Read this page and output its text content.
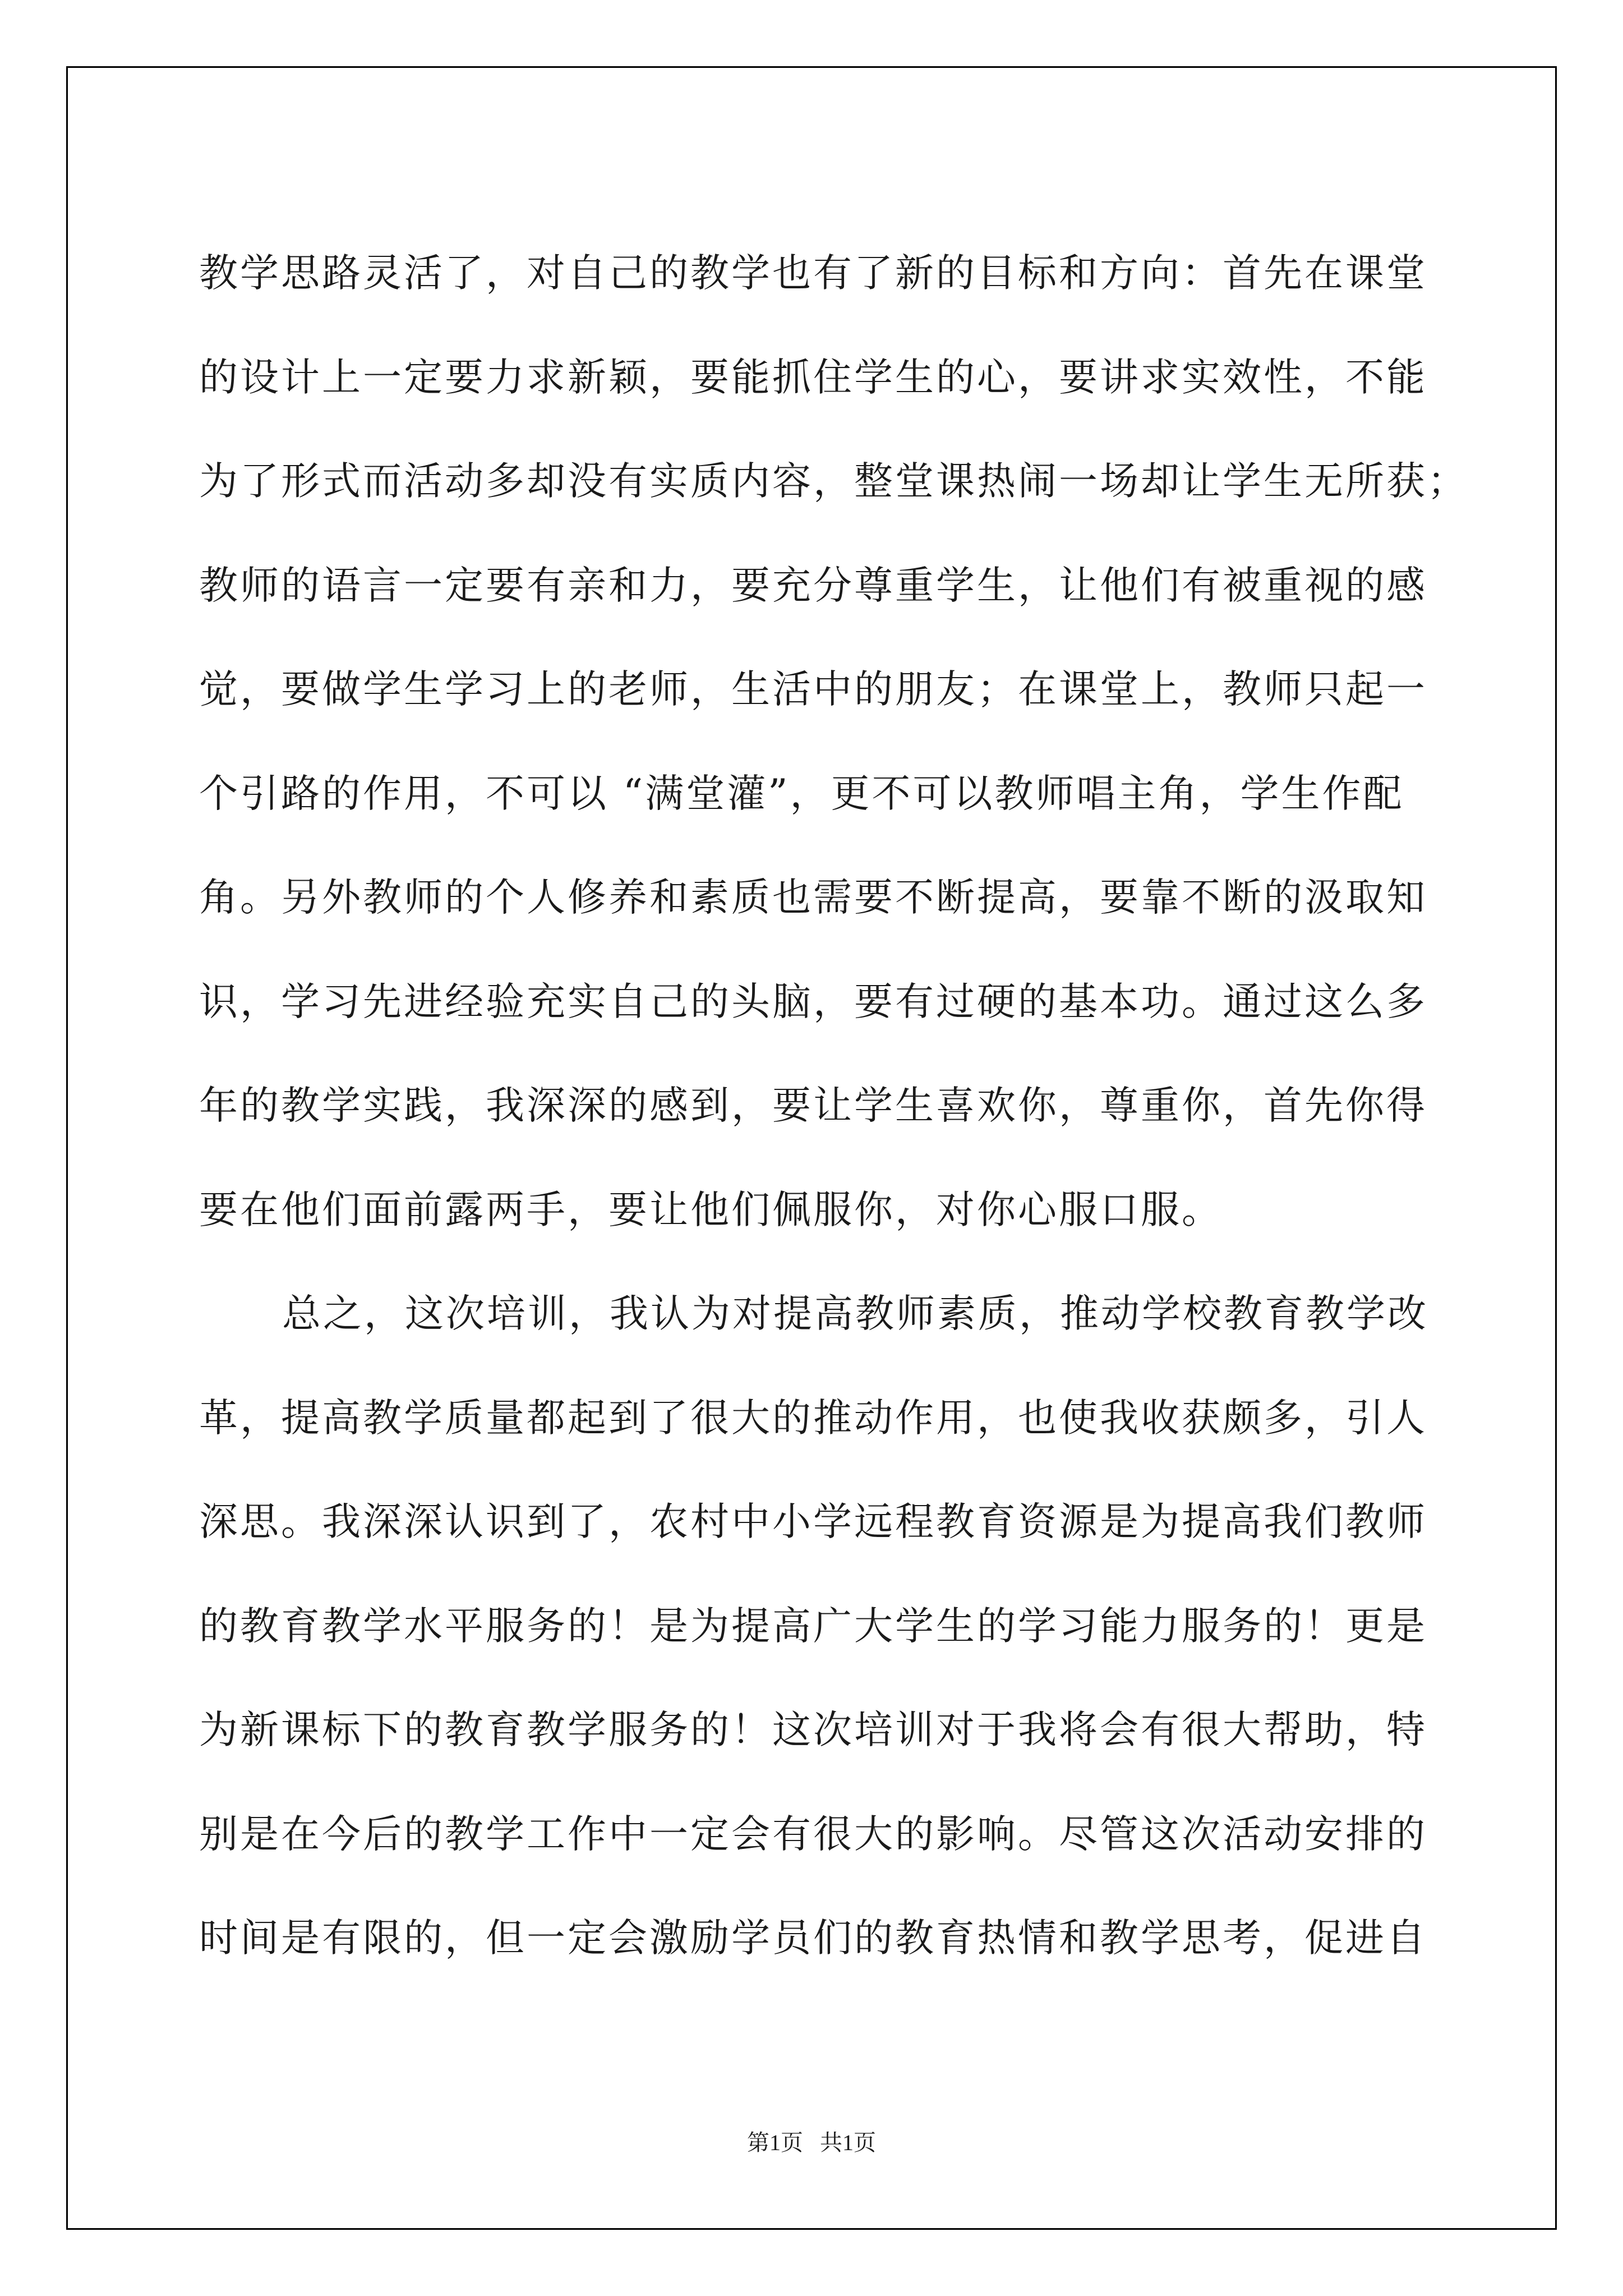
教学思路灵活了，对自己的教学也有了新的目标和方向：首先在课堂
的设计上一定要力求新颖，要能抓住学生的心，要讲求实效性，不能
为了形式而活动多却没有实质内容，整堂课热闹一场却让学生无所获；
教师的语言一定要有亲和力，要充分尊重学生，让他们有被重视的感
觉，要做学生学习上的老师，生活中的朋友；在课堂上，教师只起一
个引路的作用，不可以 “满堂灌”，更不可以教师唱主角，学生作配
角。另外教师的个人修养和素质也需要不断提高，要靠不断的汲取知
识，学习先进经验充实自己的头脑，要有过硬的基本功。通过这么多
年的教学实践，我深深的感到，要让学生喜欢你，尊重你，首先你得
要在他们面前露两手，要让他们佩服你，对你心服口服。
总之，这次培训，我认为对提高教师素质，推动学校教育教学改
革，提高教学质量都起到了很大的推动作用，也使我收获颇多，引人
深思。我深深认识到了，农村中小学远程教育资源是为提高我们教师
的教育教学水平服务的！是为提高广大学生的学习能力服务的！更是
为新课标下的教育教学服务的！这次培训对于我将会有很大帮助，特
别是在今后的教学工作中一定会有很大的影响。尽管这次活动安排的
时间是有限的，但一定会激励学员们的教育热情和教学思考，促进自
第1页   共1页
